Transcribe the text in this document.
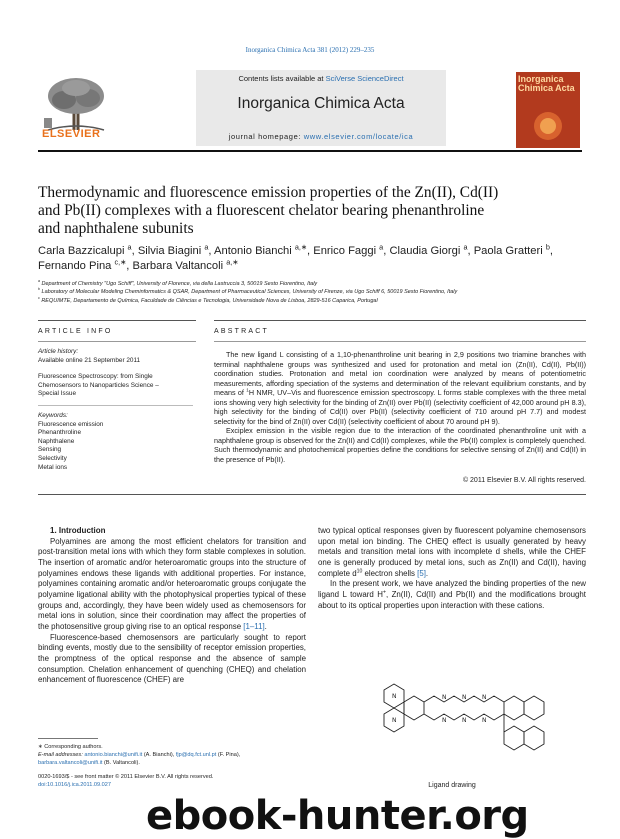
Inorganica Chimica Acta 381 (2012) 229–235
ELSEVIER
Contents lists available at SciVerse ScienceDirect
Inorganica Chimica Acta
journal homepage: www.elsevier.com/locate/ica
Inorganica Chimica Acta
Thermodynamic and fluorescence emission properties of the Zn(II), Cd(II)
and Pb(II) complexes with a fluorescent chelator bearing phenanthroline
and naphthalene subunits
Carla Bazzicalupi $^a$, Silvia Biagini $^a$, Antonio Bianchi $^{a,∗}$, Enrico Faggi $^a$, Claudia Giorgi $^a$, Paola Gratteri $^b$, Fernando Pina $^{c,∗}$, Barbara Valtancoli $^{a,∗}$
$^a$ Department of Chemistry "Ugo Schiff", University of Florence, via della Lastruccia 3, 50019 Sesto Fiorentino, Italy
$^b$ Laboratory of Molecular Modeling Cheminformatics & QSAR, Department of Pharmaceutical Sciences, University of Firenze, via Ugo Schiff 6, 50019 Sesto Fiorentino, Italy
$^c$ REQUIMTE, Departamento de Química, Faculdade de Ciências e Tecnologia, Universidade Nova de Lisboa, 2829-516 Caparica, Portugal
ARTICLE INFO	ABSTRACT
Article history:
Available online 21 September 2011
Fluorescence Spectroscopy: from Single
Chemosensors to Nanoparticles Science –
Special Issue
Keywords:
Fluorescence emission
Phenanthroline
Naphthalene
Sensing
Selectivity
Metal ions

The new ligand L consisting of a 1,10-phenanthroline unit bearing in 2,9 positions two triamine branches with terminal naphthalene groups was synthesized and used for protonation and metal ion (Zn(II), Cd(II), Pb(II)) coordination studies. Protonation and metal ion coordination were analyzed by means of potentiometric measurements, affording speciation of the systems and determination of the relevant equilibrium constants, and by means of $^1$H NMR, UV–Vis and fluorescence emission spectroscopy. L forms stable complexes with the three metal ions showing very high selectivity for the binding of Zn(II) over Pb(II) (selectivity coefficient of 42,000 around pH 8.3), high selectivity for the binding of Cd(II) over Pb(II) (selectivity coefficient of 710 around pH 7.7) and modest selectivity for the bind of Zn(II) over Cd(II) (selectivity coefficient of about 70 around pH 9).

Exciplex emission in the visible region due to the interaction of the coordinated phenanthroline unit with a naphthalene group is observed for the Zn(II) and Cd(II) complexes, while the Pb(II) complex is completely quenched. Such thermodynamic and photochemical properties define the conditions for selective sensing of Zn(II) and Cd(II) in the presence of Pb(II).

© 2011 Elsevier B.V. All rights reserved.

1. Introduction

Polyamines are among the most efficient chelators for transition and post-transition metal ions with which they form stable complexes in solution. The insertion of aromatic and/or heteroaromatic groups into the structure of polyamines endows these ligands with additional properties. For instance, polyamines containing aromatic and/or heteroaromatic groups conjugate the polyamine ligational ability with the photophysical properties typical of these groups and, accordingly, they have been widely used as chemosensors for metal ions in solution, since their coordination may affect the properties of the photosensitive group giving rise to an optical response [1–11].

Fluorescence-based chemosensors are particularly sought to report binding events, mostly due to the sensibility of receptor emission properties, the promptness of the optical response and the absence of sample consumption. Chelation enhancement of quenching (CHEQ) and chelation enhancement of fluorescence (CHEF) are

two typical optical responses given by fluorescent polyamine chemosensors upon metal ion binding. The CHEQ effect is usually generated by heavy metals and transition metal ions with incomplete d shells, while the CHEF one is generally produced by metal ions, such as Zn(II) and Cd(II), having complete $d^{10}$ electron shells [5].

In the present work, we have analyzed the binding properties of the new ligand L toward H+, Zn(II), Cd(II) and Pb(II) and the modifications brought about to its optical properties upon interaction with these cations.

N
N
N	N	N
N	N	N
Ligand drawing
∗ Corresponding authors.
E-mail addresses: antonio.bianchi@unifi.it (A. Bianchi), fjp@dq.fct.unl.pt (F. Pina),
barbara.valtancoli@unifi.it (B. Valtancoli).
0020-1693/$ - see front matter © 2011 Elsevier B.V. All rights reserved.
doi:10.1016/j.ica.2011.09.027
ebook-hunter.org
